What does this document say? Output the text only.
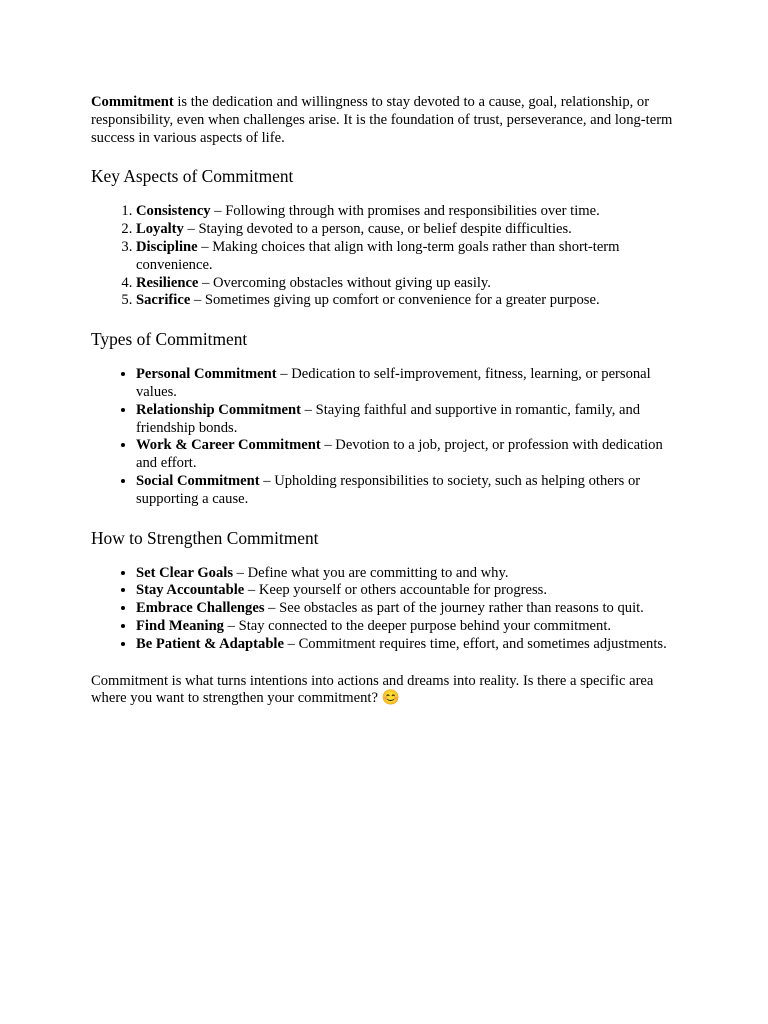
Commitment is the dedication and willingness to stay devoted to a cause, goal, relationship, or responsibility, even when challenges arise. It is the foundation of trust, perseverance, and long-term success in various aspects of life.

Key Aspects of Commitment
1. Consistency – Following through with promises and responsibilities over time.
2. Loyalty – Staying devoted to a person, cause, or belief despite difficulties.
3. Discipline – Making choices that align with long-term goals rather than short-term convenience.
4. Resilience – Overcoming obstacles without giving up easily.
5. Sacrifice – Sometimes giving up comfort or convenience for a greater purpose.
Types of Commitment
• Personal Commitment – Dedication to self-improvement, fitness, learning, or personal values.
• Relationship Commitment – Staying faithful and supportive in romantic, family, and friendship bonds.
• Work & Career Commitment – Devotion to a job, project, or profession with dedication and effort.
• Social Commitment – Upholding responsibilities to society, such as helping others or supporting a cause.
How to Strengthen Commitment
• Set Clear Goals – Define what you are committing to and why.
• Stay Accountable – Keep yourself or others accountable for progress.
• Embrace Challenges – See obstacles as part of the journey rather than reasons to quit.
• Find Meaning – Stay connected to the deeper purpose behind your commitment.
• Be Patient & Adaptable – Commitment requires time, effort, and sometimes adjustments.

Commitment is what turns intentions into actions and dreams into reality. Is there a specific area where you want to strengthen your commitment? 😊
